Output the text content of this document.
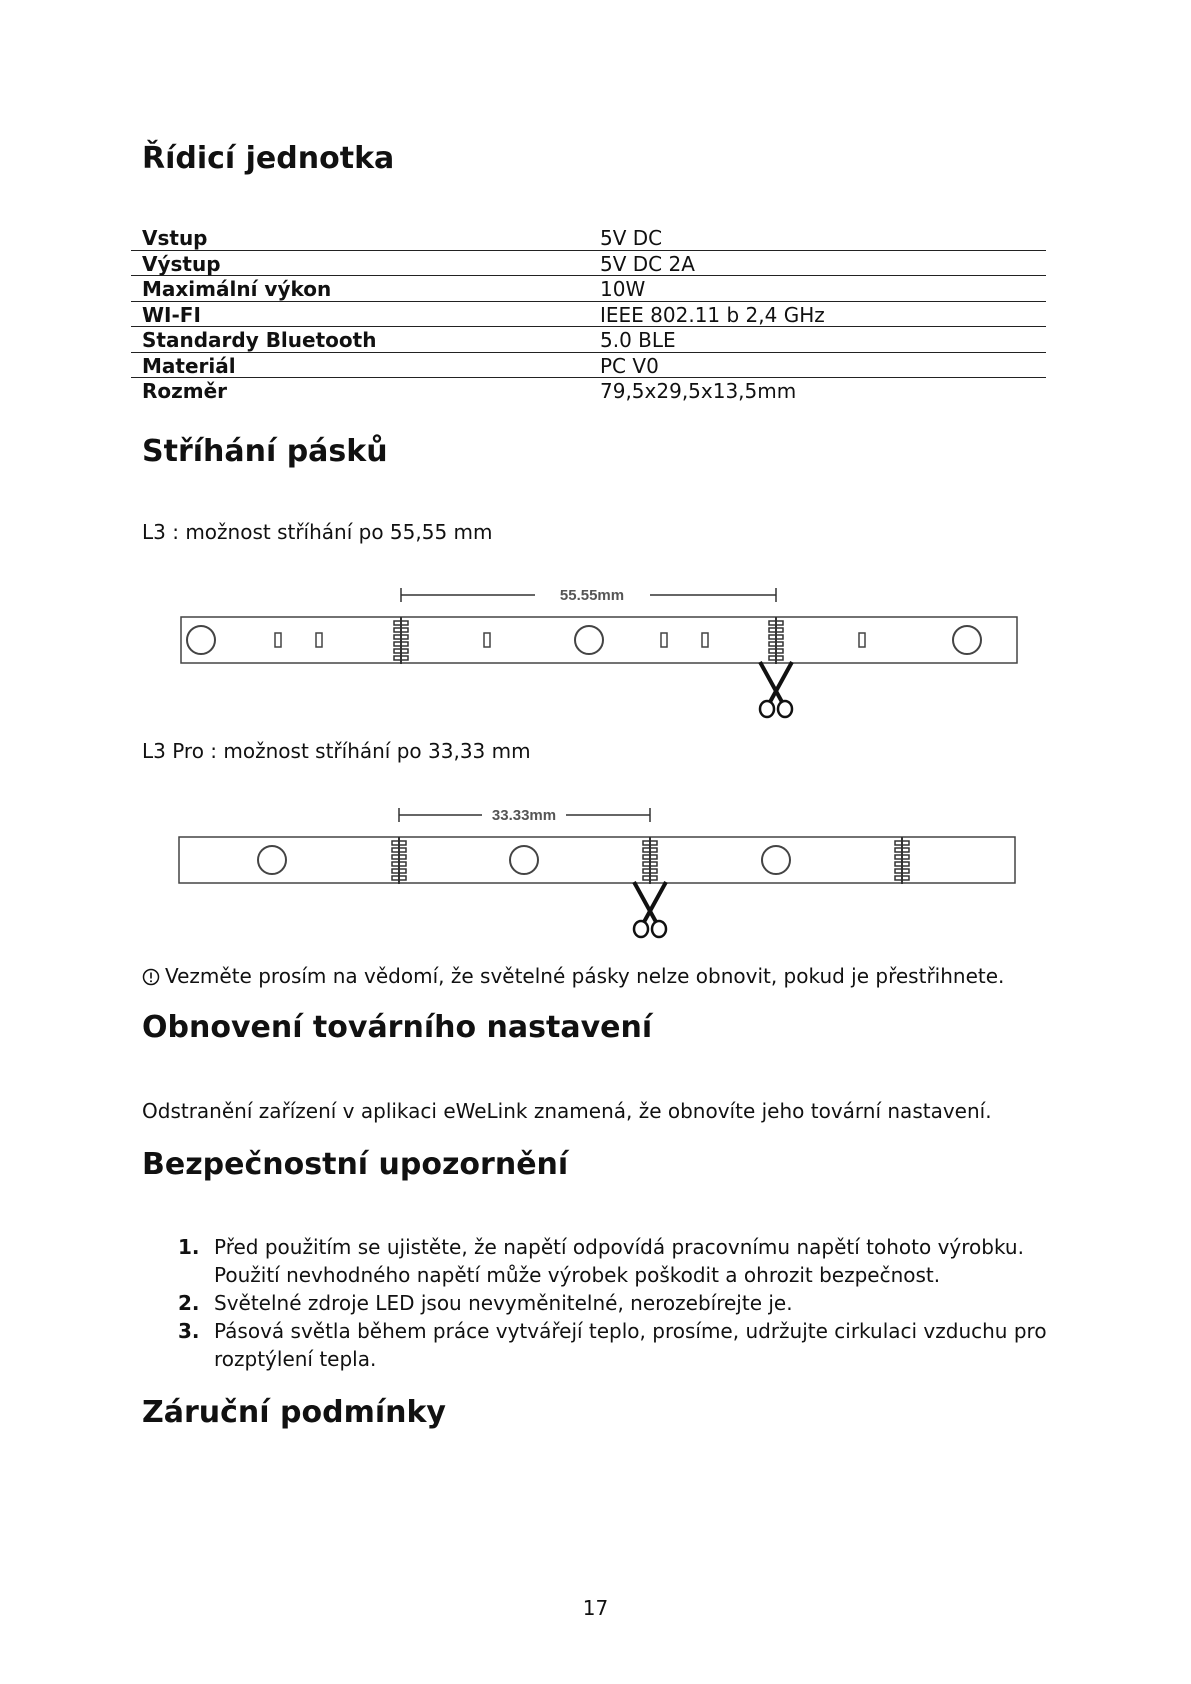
Řídicí jednotka
Vstup	5V DC
Výstup	5V DC 2A
Maximální výkon	10W
WI-FI	IEEE 802.11 b 2,4 GHz
Standardy Bluetooth	5.0 BLE
Materiál	PC V0
Rozměr	79,5x29,5x13,5mm
Stříhání pásků

L3 : možnost stříhání po 55,55 mm

55.55mm

L3 Pro : možnost stříhání po 33,33 mm

33.33mm
Vezměte prosím na vědomí, že světelné pásky nelze obnovit, pokud je přestřihnete.
Obnovení továrního nastavení

Odstranění zařízení v aplikaci eWeLink znamená, že obnovíte jeho tovární nastavení.

Bezpečnostní upozornění
1. Před použitím se ujistěte, že napětí odpovídá pracovnímu napětí tohoto výrobku. Použití nevhodného napětí může výrobek poškodit a ohrozit bezpečnost.
2. Světelné zdroje LED jsou nevyměnitelné, nerozebírejte je.
3. Pásová světla během práce vytvářejí teplo, prosíme, udržujte cirkulaci vzduchu pro rozptýlení tepla.
Záruční podmínky
17
